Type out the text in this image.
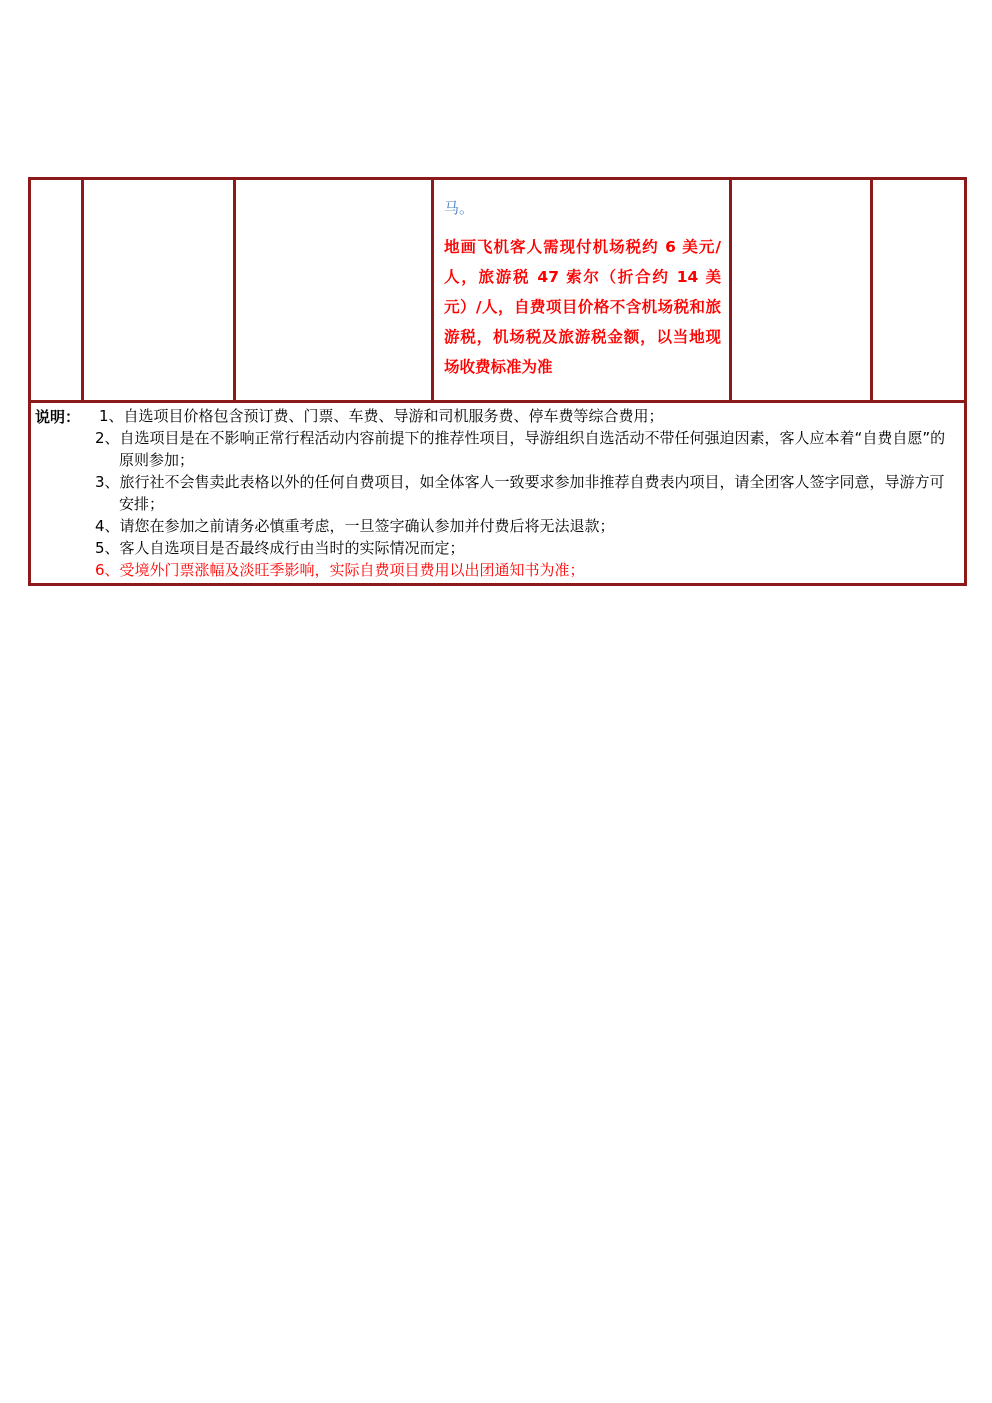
马。

地画飞机客人需现付机场税约 6 美元/人，旅游税 47 索尔（折合约 14 美元）/人，自费项目价格不含机场税和旅游税，机场税及旅游税金额，以当地现场收费标准为准

说明：	1、自选项目价格包含预订费、门票、车费、导游和司机服务费、停车费等综合费用；
2、自选项目是在不影响正常行程活动内容前提下的推荐性项目，导游组织自选活动不带任何强迫因素，客人应本着“自费自愿”的原则参加；
3、旅行社不会售卖此表格以外的任何自费项目，如全体客人一致要求参加非推荐自费表内项目，请全团客人签字同意，导游方可安排；
4、请您在参加之前请务必慎重考虑，一旦签字确认参加并付费后将无法退款；
5、客人自选项目是否最终成行由当时的实际情况而定；
6、受境外门票涨幅及淡旺季影响，实际自费项目费用以出团通知书为准；
